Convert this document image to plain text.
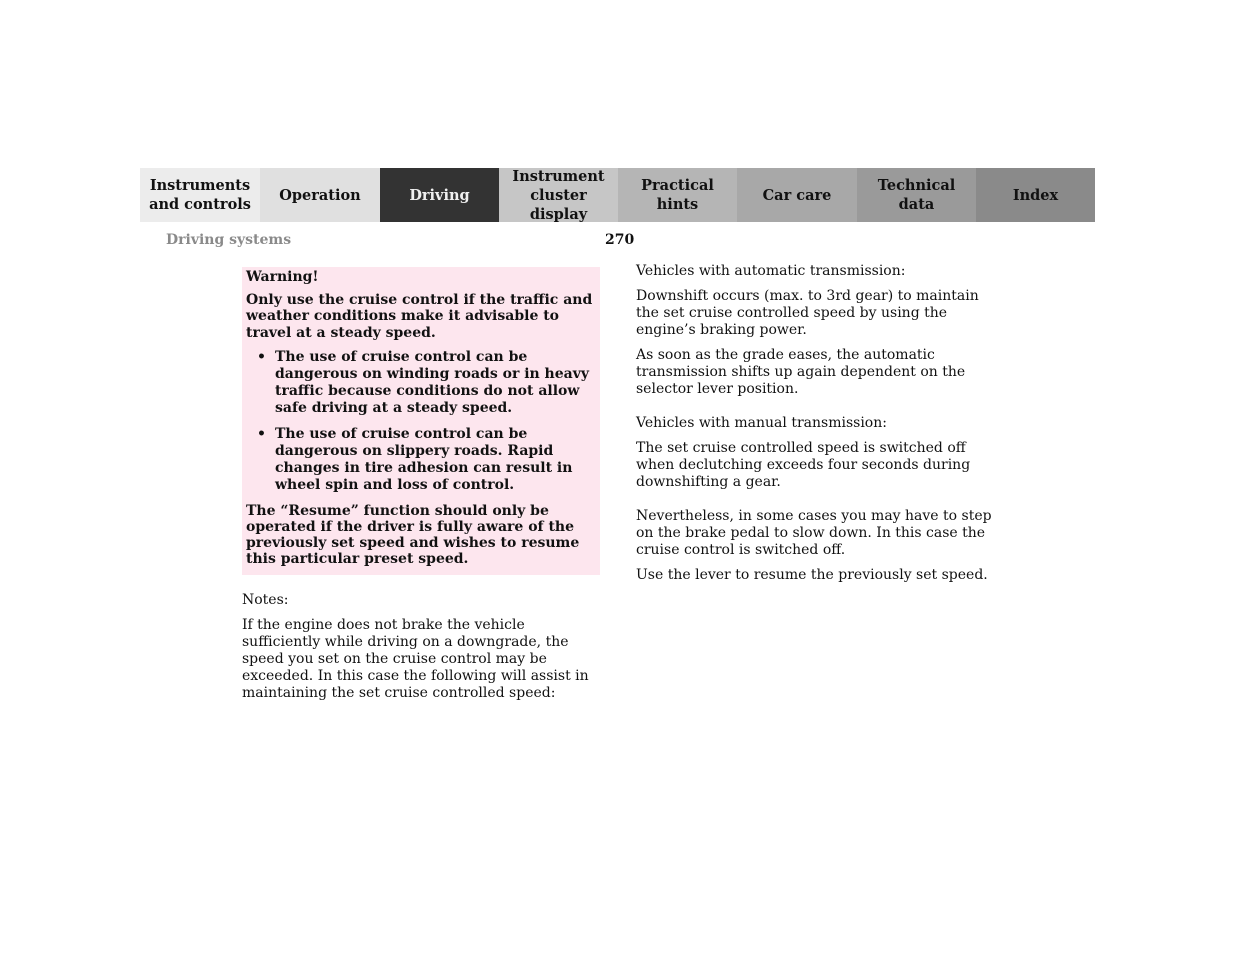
Instruments
and controls
Operation	Driving
Instrument
cluster display
Practical hints
Car care
Technical
data
Index
Driving systems	270

Warning!

Only use the cruise control if the traffic and weather conditions make it advisable to travel at a steady speed.

• The use of cruise control can be dangerous on winding roads or in heavy traffic because conditions do not allow safe driving at a steady speed.
• The use of cruise control can be dangerous on slippery roads. Rapid changes in tire adhesion can result in wheel spin and loss of control.

The “Resume” function should only be operated if the driver is fully aware of the previously set speed and wishes to resume this particular preset speed.

Notes:

If the engine does not brake the vehicle sufficiently while driving on a downgrade, the speed you set on the cruise control may be exceeded. In this case the following will assist in maintaining the set cruise controlled speed:

Vehicles with automatic transmission:

Downshift occurs (max. to 3rd gear) to maintain the set cruise controlled speed by using the engine’s braking power.

As soon as the grade eases, the automatic transmission shifts up again dependent on the selector lever position.

Vehicles with manual transmission:

The set cruise controlled speed is switched off when declutching exceeds four seconds during downshifting a gear.

Nevertheless, in some cases you may have to step on the brake pedal to slow down. In this case the cruise control is switched off.

Use the lever to resume the previously set speed.
